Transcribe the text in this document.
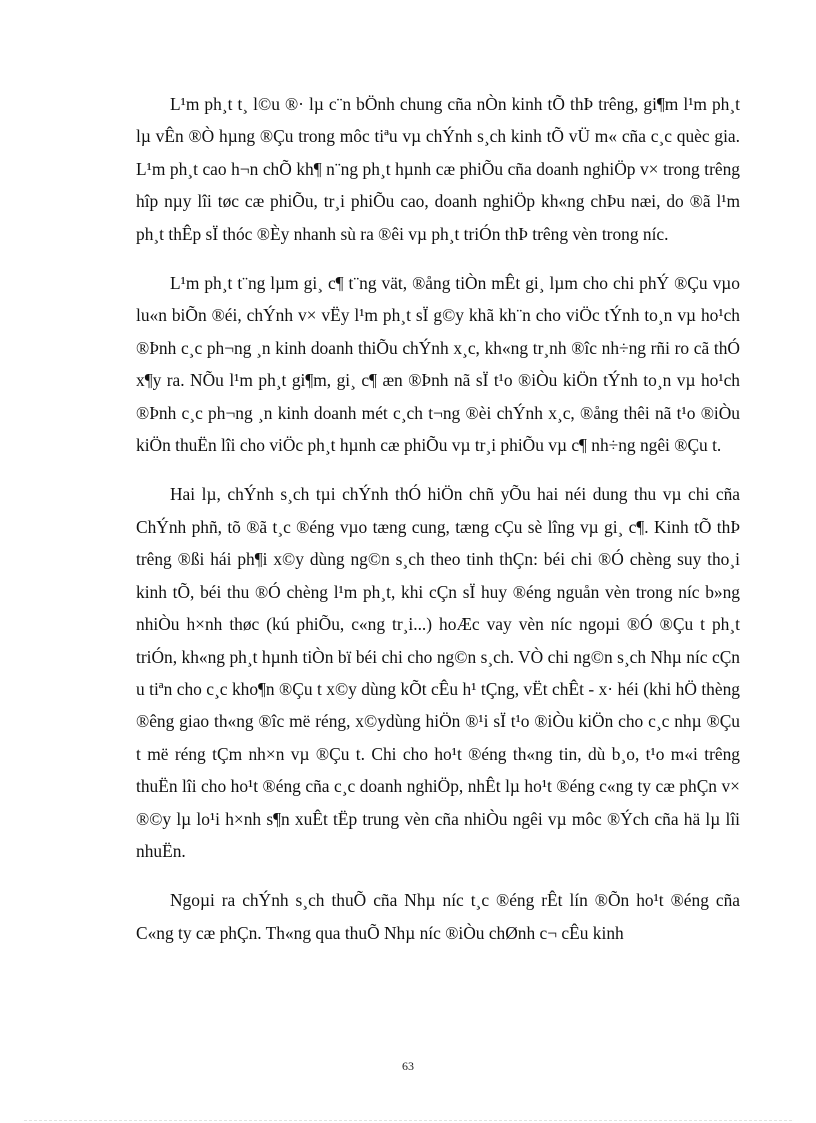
L¹m ph¸t t¸ l©u ®· lµ c¨n bÖnh chung cña nÒn kinh tÕ thÞ trêng, gi¶m l¹m ph¸t lµ vÊn ®Ò hµng ®Çu trong môc tiªu vµ chÝnh s¸ch kinh tÕ vÜ m« cña c¸c quèc gia. L¹m ph¸t cao h¬n chÕ kh¶ n¨ng ph¸t hµnh cæ phiÕu cña doanh nghiÖp v× trong trêng hîp nµy lîi tøc cæ phiÕu, tr¸i phiÕu cao, doanh nghiÖp kh«ng chÞu næi, do ®ã l¹m ph¸t thÊp sÏ thóc ®Èy nhanh sù ra ®êi vµ ph¸t triÓn thÞ trêng vèn trong níc.

L¹m ph¸t t¨ng lµm gi¸ c¶ t¨ng vät, ®ång tiÒn mÊt gi¸ lµm cho chi phÝ ®Çu vµo lu«n biÕn ®éi, chÝnh v× vËy l¹m ph¸t sÏ g©y khã kh¨n cho viÖc tÝnh to¸n vµ ho¹ch ®Þnh c¸c ph¬ng ¸n kinh doanh thiÕu chÝnh x¸c, kh«ng tr¸nh ®îc nh÷ng rñi ro cã thÓ x¶y ra. NÕu l¹m ph¸t gi¶m, gi¸ c¶ æn ®Þnh nã sÏ t¹o ®iÒu kiÖn tÝnh to¸n vµ ho¹ch ®Þnh c¸c ph¬ng ¸n kinh doanh mét c¸ch t¬ng ®èi chÝnh x¸c, ®ång thêi nã t¹o ®iÒu kiÖn thuËn lîi cho viÖc ph¸t hµnh cæ phiÕu vµ tr¸i phiÕu vµ c¶ nh÷ng ngêi ®Çu t.

Hai lµ, chÝnh s¸ch tµi chÝnh thÓ hiÖn chñ yÕu hai néi dung thu vµ chi cña ChÝnh phñ, tõ ®ã t¸c ®éng vµo tæng cung, tæng cÇu sè lîng vµ gi¸ c¶. Kinh tÕ thÞ trêng ®ßi hái ph¶i x©y dùng ng©n s¸ch theo tinh thÇn: béi chi ®Ó chèng suy tho¸i kinh tÕ, béi thu ®Ó chèng l¹m ph¸t, khi cÇn sÏ huy ®éng nguån vèn trong níc b»ng nhiÒu h×nh thøc (kú phiÕu, c«ng tr¸i...) hoÆc vay vèn níc ngoµi ®Ó ®Çu t ph¸t triÓn, kh«ng ph¸t hµnh tiÒn bï béi chi cho ng©n s¸ch. VÒ chi ng©n s¸ch Nhµ níc cÇn u tiªn cho c¸c kho¶n ®Çu t x©y dùng kÕt cÊu h¹ tÇng, vËt chÊt - x· héi (khi hÖ thèng ®êng giao th«ng ®îc më réng, x©ydùng hiÖn ®¹i sÏ t¹o ®iÒu kiÖn cho c¸c nhµ ®Çu t më réng tÇm nh×n vµ ®Çu t. Chi cho ho¹t ®éng th«ng tin, dù b¸o, t¹o m«i trêng thuËn lîi cho ho¹t ®éng cña c¸c doanh nghiÖp, nhÊt lµ ho¹t ®éng c«ng ty cæ phÇn v× ®©y lµ lo¹i h×nh s¶n xuÊt tËp trung vèn cña nhiÒu ngêi vµ môc ®Ých cña hä lµ lîi nhuËn.

Ngoµi ra chÝnh s¸ch thuÕ cña Nhµ níc t¸c ®éng rÊt lín ®Õn ho¹t ®éng cña C«ng ty cæ phÇn. Th«ng qua thuÕ Nhµ níc ®iÒu chØnh c¬ cÊu kinh

63
